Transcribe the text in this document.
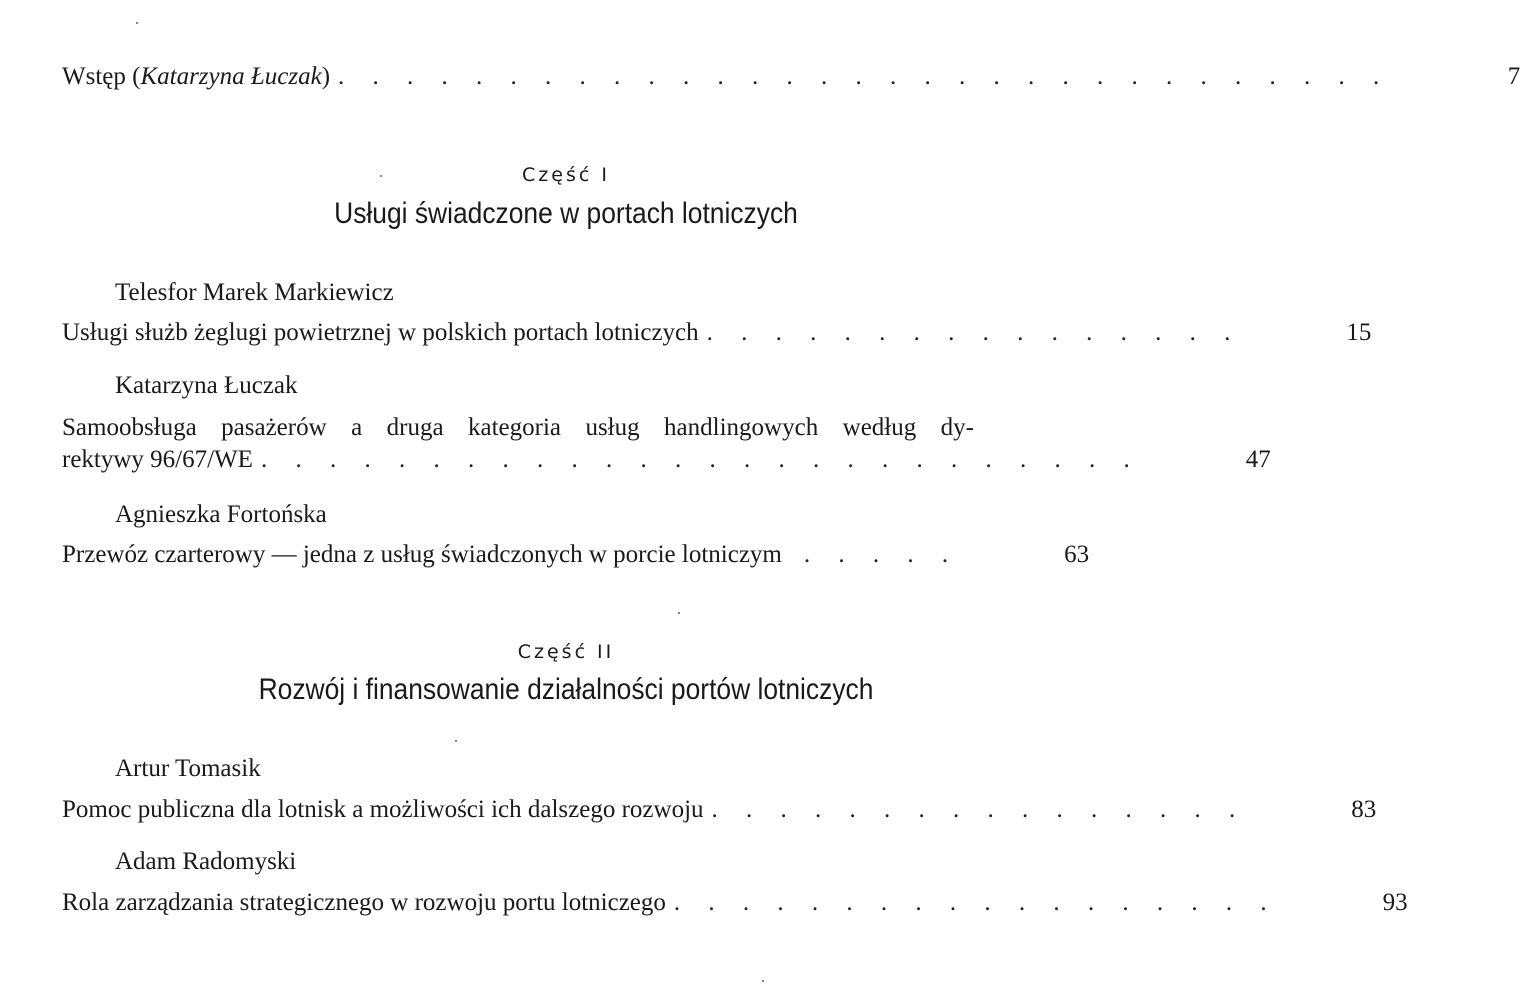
Wstęp (Katarzyna Łuczak) . . . . . . . . . . . . . . . . . . . . . . . . . . . . . . .	7
Część I
Usługi świadczone w portach lotniczych
Telesfor Marek Markiewicz
Usługi służb żeglugi powietrznej w polskich portach lotniczych . . . . . . . . . . . . . . . .	15
Katarzyna Łuczak
Samoobsługa pasażerów a druga kategoria usług handlingowych według dy-
rektywy 96/67/WE . . . . . . . . . . . . . . . . . . . . . . . . . .	47
Agnieszka Fortońska
Przewóz czarterowy — jedna z usług świadczonych w porcie lotniczym . . . . .	63
Część II
Rozwój i finansowanie działalności portów lotniczych
Artur Tomasik
Pomoc publiczna dla lotnisk a możliwości ich dalszego rozwoju . . . . . . . . . . . . . . . .	83
Adam Radomyski
Rola zarządzania strategicznego w rozwoju portu lotniczego . . . . . . . . . . . . . . . . . .	93
